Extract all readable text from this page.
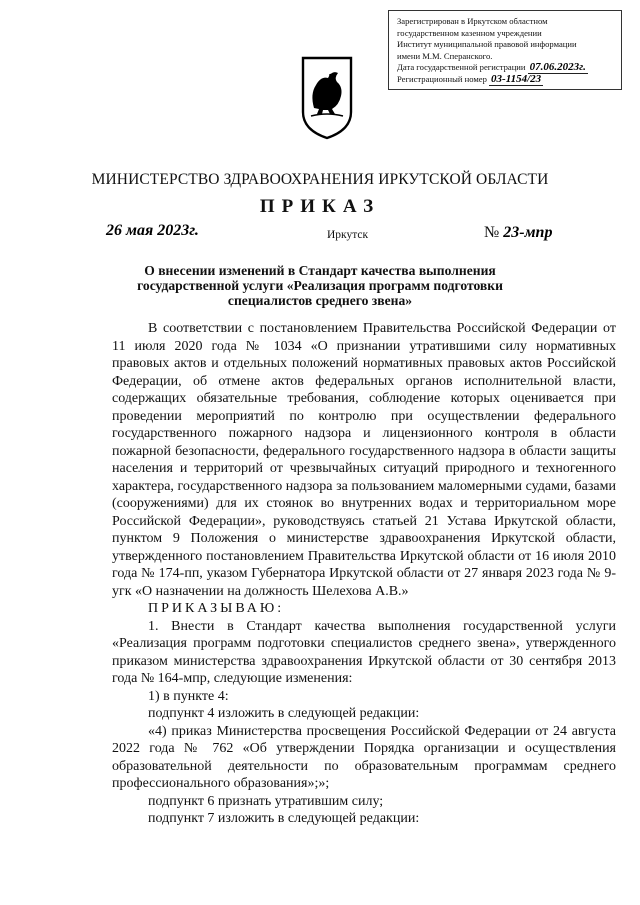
Зарегистрирован в Иркутском областном
государственном казенном учреждении
Институт муниципальной правовой информации
имени М.М. Сперанского.
Дата государственной регистрации 07.06.2023г.
Регистрационный номер 03-1154/23
МИНИСТЕРСТВО ЗДРАВООХРАНЕНИЯ ИРКУТСКОЙ ОБЛАСТИ
ПРИКАЗ
26 мая 2023г.	Иркутск	№ 23-мпр
О внесении изменений в Стандарт качества выполнения государственной услуги «Реализация программ подготовки специалистов среднего звена»

В соответствии с постановлением Правительства Российской Федерации от 11 июля 2020 года № 1034 «О признании утратившими силу нормативных правовых актов и отдельных положений нормативных правовых актов Российской Федерации, об отмене актов федеральных органов исполнительной власти, содержащих обязательные требования, соблюдение которых оценивается при проведении мероприятий по контролю при осуществлении федерального государственного пожарного надзора и лицензионного контроля в области пожарной безопасности, федерального государственного надзора в области защиты населения и территорий от чрезвычайных ситуаций природного и техногенного характера, государственного надзора за пользованием маломерными судами, базами (сооружениями) для их стоянок во внутренних водах и территориальном море Российской Федерации», руководствуясь статьей 21 Устава Иркутской области, пунктом 9 Положения о министерстве здравоохранения Иркутской области, утвержденного постановлением Правительства Иркутской области от 16 июля 2010 года № 174-пп, указом Губернатора Иркутской области от 27 января 2023 года № 9-угк «О назначении на должность Шелехова А.В.»

ПРИКАЗЫВАЮ:

1. Внести в Стандарт качества выполнения государственной услуги «Реализация программ подготовки специалистов среднего звена», утвержденного приказом министерства здравоохранения Иркутской области от 30 сентября 2013 года № 164-мпр, следующие изменения:

1) в пункте 4:

подпункт 4 изложить в следующей редакции:

«4) приказ Министерства просвещения Российской Федерации от 24 августа 2022 года № 762 «Об утверждении Порядка организации и осуществления образовательной деятельности по образовательным программам среднего профессионального образования»;»;

подпункт 6 признать утратившим силу;

подпункт 7 изложить в следующей редакции:
